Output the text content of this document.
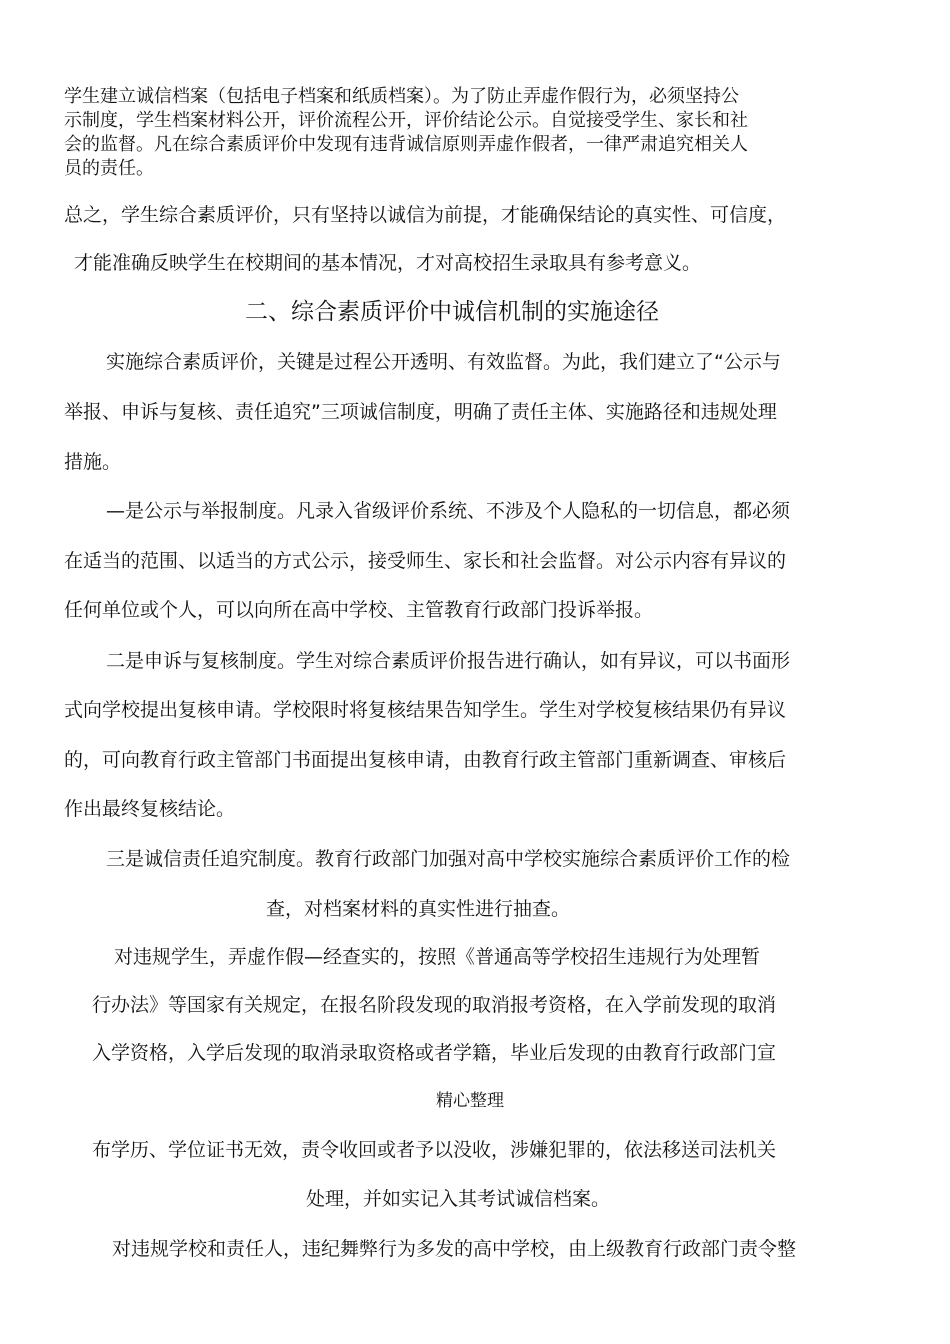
学生建立诚信档案（包括电子档案和纸质档案）。为了防止弄虚作假行为，必须坚持公
示制度，学生档案材料公开，评价流程公开，评价结论公示。自觉接受学生、家长和社
会的监督。凡在综合素质评价中发现有违背诚信原则弄虚作假者，一律严肃追究相关人
员的责任。
总之，学生综合素质评价，只有坚持以诚信为前提，才能确保结论的真实性、可信度，
才能准确反映学生在校期间的基本情况，才对高校招生录取具有参考意义。
二、综合素质评价中诚信机制的实施途径
实施综合素质评价，关键是过程公开透明、有效监督。为此，我们建立了“公示与
举报、申诉与复核、责任追究”三项诚信制度，明确了责任主体、实施路径和违规处理
措施。
—是公示与举报制度。凡录入省级评价系统、不涉及个人隐私的一切信息，都必须
在适当的范围、以适当的方式公示，接受师生、家长和社会监督。对公示内容有异议的
任何单位或个人，可以向所在高中学校、主管教育行政部门投诉举报。
二是申诉与复核制度。学生对综合素质评价报告进行确认，如有异议，可以书面形
式向学校提出复核申请。学校限时将复核结果告知学生。学生对学校复核结果仍有异议
的，可向教育行政主管部门书面提出复核申请，由教育行政主管部门重新调查、审核后
作出最终复核结论。
三是诚信责任追究制度。教育行政部门加强对高中学校实施综合素质评价工作的检
查，对档案材料的真实性进行抽查。
对违规学生，弄虚作假—经查实的，按照《普通高等学校招生违规行为处理暂
行办法》等国家有关规定，在报名阶段发现的取消报考资格，在入学前发现的取消
入学资格，入学后发现的取消录取资格或者学籍，毕业后发现的由教育行政部门宣
精心整理
布学历、学位证书无效，责令收回或者予以没收，涉嫌犯罪的，依法移送司法机关
处理，并如实记入其考试诚信档案。
对违规学校和责任人，违纪舞弊行为多发的高中学校，由上级教育行政部门责令整
